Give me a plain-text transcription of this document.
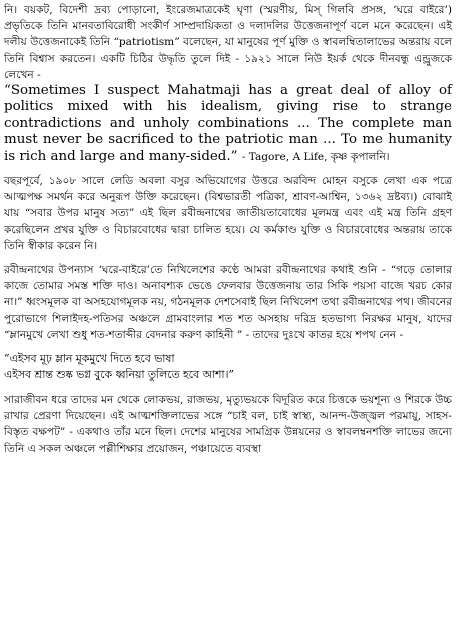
নি। বয়কট, বিদেশী দ্রব্য পোড়ানো, ইংরেজমাত্রকেই ঘৃণা (স্মরণীয়, মিস্ গিলবি প্রসঙ্গ, ‘ঘরে বাইরে’) প্রভৃতিকে তিনি মানবতাবিরোধী সংকীর্ণ সাম্প্রদায়িকতা ও দলাদলির উত্তেজনাপূর্ণ বলে মনে করেছেন। এই দলীয় উত্তেজনাকেই তিনি “patriotism” বলেছেন, যা মানুষের পূর্ণ মুক্তি ও স্বাবলম্বিতালাভের অন্তরায় বলে তিনি বিশ্বাস করতেন। একটি চিঠির উদ্ধৃতি তুলে দিই - ১৯২১ সালে নিউ ইয়র্ক থেকে দীনবন্ধু এন্ড্রুজকে লেখেন -

“Sometimes I suspect Mahatmaji has a great deal of alloy of politics mixed with his idealism, giving rise to strange contradictions and unholy combinations ... The complete man must never be sacrificed to the patriotic man ... To me humanity is rich and large and many-sided.” - Tagore, A Life, কৃষ্ণ কৃপালনি।

বছরপূর্বে, ১৯০৮ সালে লেডি অবলা বসুর অভিযোগের উত্তরে অরবিন্দ মোহন বসুকে লেখা এক পত্রে আত্মপক্ষ সমর্থন করে অনুরূপ উক্তি করেছেন। (বিশ্বভারতী পত্রিকা, শ্রাবণ-আশ্বিন, ১৩৬২ দ্রষ্টব্য।) বোঝাই যায় “সবার উপর মানুষ সত্য” এই ছিল রবীন্দ্রনাথের জাতীয়তাবোধের মূলমন্ত্র এবং এই মন্ত্র তিনি গ্রহণ করেছিলেন প্রখর যুক্তি ও বিচারবোধের দ্বারা চালিত হয়ে। যে কর্মকাণ্ড যুক্তি ও বিচারবোধের অন্তরায় তাকে তিনি স্বীকার করেন নি।

রবীন্দ্রনাথের উপন্যাস ‘ঘরে-বাইরে’তে নিখিলেশের কণ্ঠে আমরা রবীন্দ্রনাথের কথাই শুনি - “গড়ে তোলার কাজে তোমার সমস্ত শক্তি দাও। অনাবশ্যক ভেঙে ফেলবার উত্তেজনায় তার সিকি পয়সা বাজে খরচ কোর না।” ধ্বংসমূলক বা অসহযোগমূলক নয়, গঠনমূলক দেশসেবাই ছিল নিখিলেশ তথা রবীন্দ্রনাথের পথ। জীবনের পুরোভাগে শিলাইদহ-পতিসর অঞ্চলে গ্রামবাংলার শত শত অসহায় দরিদ্র হতভাগ্য নিরক্ষর মানুষ, যাদের “ম্লানমুখে লেখা শুধু শত-শতাব্দীর বেদনার করুণ কাহিনী ” - তাদের দুঃখে কাতর হয়ে শপথ নেন -

“এইসব মূঢ় ম্লান মূকমুখে দিতে হবে ভাষা

এইসব শ্রান্ত শুষ্ক ভগ্ন বুকে ধ্বনিয়া তুলিতে হবে আশা।”

সারাজীবন ধরে তাদের মন থেকে লোকভয়, রাজভয়, মৃত্যুভয়কে বিদূরিত করে চিত্তকে ভয়শূন্য ও শিরকে উচ্চ রাখার প্রেরণা দিয়েছেন। এই আত্মশক্তিলাভের সঙ্গে “চাই বল, চাই স্বাস্থ্য, আনন্দ-উজ্জ্বল পরমায়ু, সাহস-বিস্তৃত বক্ষপট” - একথাও তাঁর মনে ছিল। দেশের মানুষের সামগ্রিক উন্নয়নের ও স্বাবলম্বনশক্তি লাভের জন্যে তিনি এ সকল অঞ্চলে পল্লীশিক্ষার প্রয়োজন, পঞ্চায়েতে ব্যবস্থা
